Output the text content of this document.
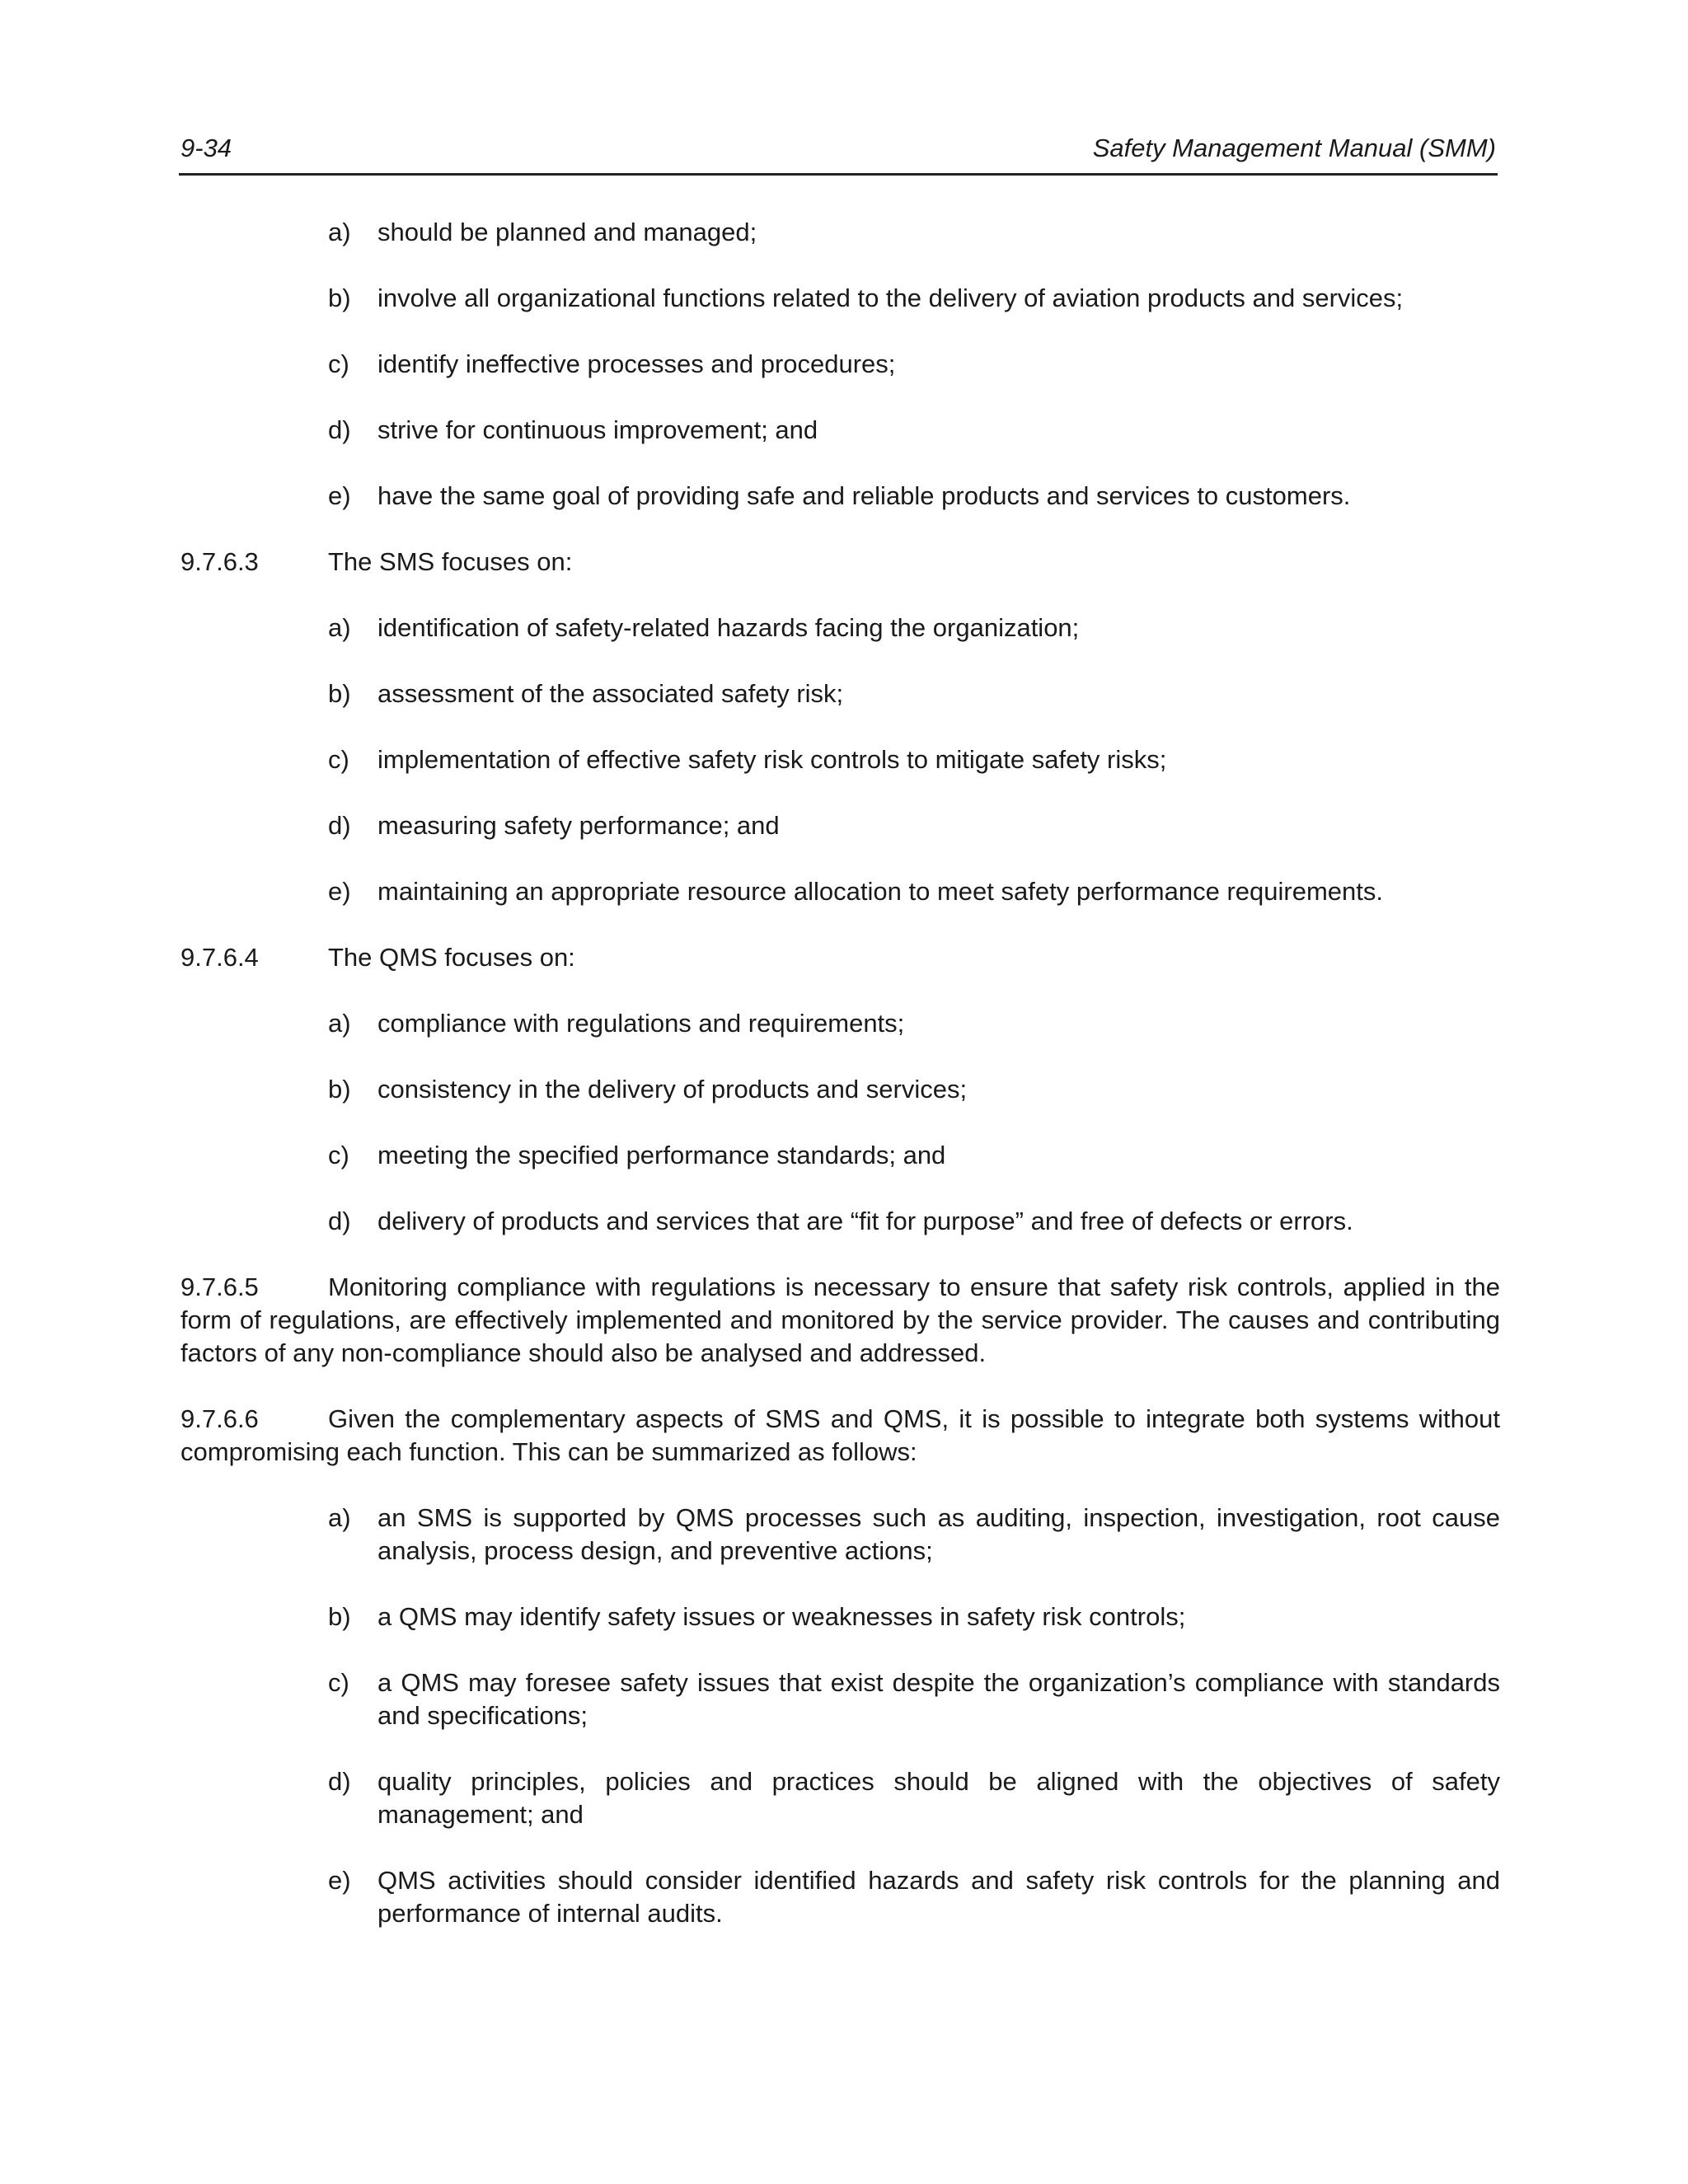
9-34	Safety Management Manual (SMM)
a) should be planned and managed;
b) involve all organizational functions related to the delivery of aviation products and services;
c) identify ineffective processes and procedures;
d) strive for continuous improvement; and
e) have the same goal of providing safe and reliable products and services to customers.
9.7.6.3	The SMS focuses on:
a) identification of safety-related hazards facing the organization;
b) assessment of the associated safety risk;
c) implementation of effective safety risk controls to mitigate safety risks;
d) measuring safety performance; and
e) maintaining an appropriate resource allocation to meet safety performance requirements.
9.7.6.4	The QMS focuses on:
a) compliance with regulations and requirements;
b) consistency in the delivery of products and services;
c) meeting the specified performance standards; and
d) delivery of products and services that are “fit for purpose” and free of defects or errors.
9.7.6.5	Monitoring compliance with regulations is necessary to ensure that safety risk controls, applied in the form of regulations, are effectively implemented and monitored by the service provider. The causes and contributing factors of any non-compliance should also be analysed and addressed.
9.7.6.6	Given the complementary aspects of SMS and QMS, it is possible to integrate both systems without compromising each function. This can be summarized as follows:
a) an SMS is supported by QMS processes such as auditing, inspection, investigation, root cause analysis, process design, and preventive actions;
b) a QMS may identify safety issues or weaknesses in safety risk controls;
c) a QMS may foresee safety issues that exist despite the organization’s compliance with standards and specifications;
d) quality principles, policies and practices should be aligned with the objectives of safety management; and
e) QMS activities should consider identified hazards and safety risk controls for the planning and performance of internal audits.
